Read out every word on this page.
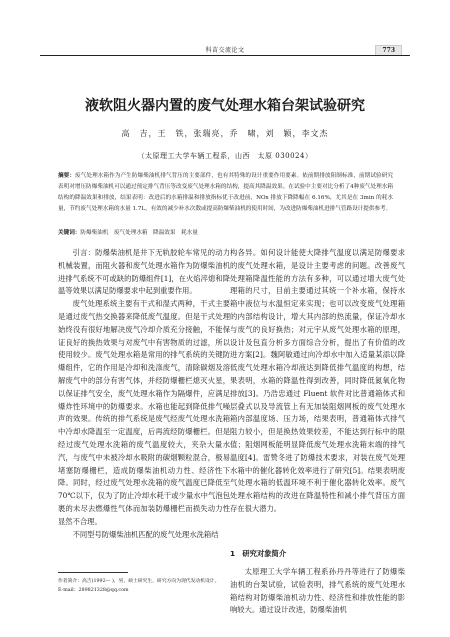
科苗交流论文	773
液软阻火器内置的废气处理水箱台架试验研究
高　吉，王　铁，张瑞亮，乔　啸，刘　颖，李文杰
（太原理工大学车辆工程系，山西　太原 030024）
摘要：废气处理水箱作为产生防爆柴油机排气背压的主要部件，也有其特殊的设计重要作用要素。依前期排放阻制标准，前期试验研究表明对增压防爆柴油机可以通过预定排气背压等改变废气处理水箱的结构，提高其降温效果。在试验中主要对比分析了4种废气处理水箱结构的降温效果和排放，结果表明：改进后的水箱排温和排放指标优于改进前，NOx 排放下降降幅在 6.16%，尤其是在 3min 的耗水量，节约废气处理水箱的水量 1.7L，有效的减少补水次数或提高防爆柴油机的使用时间，为改进防爆柴油机进排气管路设计提供参考。
关键词：防爆柴油机　废气处理水箱　降温效果　耗水量

引言：防爆柴油机是井下无轨胶轮车常见的动力机械装置，而阻火器和废气处理水箱作为防爆柴油机进排气系统不可或缺的防爆组件[1]，在火焰淬熄和降温等效果以满足防爆要求中起到重要作用。

废气处理系统主要有干式和湿式两种，干式主要是通过废气热交换器来降低废气温度。但是干式处理始终没有很好地解决废气冷却介质充分接触，不能保证良好的换热效果与对废气中有害物质的过滤，所以使用较少。废气处理水箱是常用的排气系统的关键防爆组件，它的作用是冷却和洗涤废气，清除碳烟及溶解废气中的部分有害气体，并经防爆栅栏熄灭火星，以保证排气安全，废气处理水箱作为隔爆件，应满足爆炸性环境中的防爆要求。水箱也能起到降低排气噪声的效果。传统的排气系统是废气经废气处理水洗箱中冷却水降温至一定温度，后再流经防爆栅栏。但是经过废气处理水洗箱的废气温度较大，夹杂大量水汽，与废气中未被冷却水吸附的碳烟颗粒混合，极易堵塞防爆栅栏，造成防爆柴油机动力性、经济性下降。同时，经过废气处理水洗箱的废气温度已降低至 70℃以下，仅为了防止冷却水耗干或少量水中气泡包裹的未尽去燃爆性气体而加装防爆栅栏而损失动力性显然不合理。

不同型号防爆柴油机匹配的废气处理水洗箱结

构各异。如何设计能使大降排气温度以满足防爆要求的废气处理水箱，是设计主要考虑的问题。改善废气处理箱降温性能的方法有多种，可以通过增大废气处理箱的尺寸，目前主要通过其统一个补水箱，保持水箱中液位与水温恒定来实现；也可以改变废气处理箱的内部结构设计，增大其内部的热流量，保证冷却水与废气的良好换热；对元宇从废气处理水箱的原理，设计及包直分析多方面综合分析，提出了有价值的改进方案[2]。魏阿敏通过向冷却水中加入适量某添以降低废气处理水箱冷却液达到降低排气温度的构想，结果表明，水箱的降温性得到改善，同时降低氮氧化物排放[3]。乃浩忠通过 Fluent 软件对比普通箱体式和层叠式以及导流管上有无加装阻烟网板的废气处理水箱内部温度场、压力场，结果表明，普通箱体式排气阻力较小，但是换热效果较差，不能达到行标中的限值；阻烟网板能明显降低废气处理水洗箱末端的排气温度[4]。雷赞冬进了防爆技术要求，对装在废气处理水箱中的催化器转化效率进行了研究[5]。结果表明废气处理水箱的低温环境不利于催化器转化效率。废气处理水箱结构的改进在降温特性和减小排气背压方面存在很大潜力。

1　研究对象简介

太原理工大学车辆工程系孙丹丹等进行了防爆柴油机的台架试验，试验表明，排气系统的废气处理水箱结构对防爆柴油机动力性、经济性和排放性能的影响较大。通过设计改进，防爆柴油机

作者简介：高吉(1992— )，男，硕士研究生，研究方向为现代发动机设计。
E-mail：289821328@qq.com
